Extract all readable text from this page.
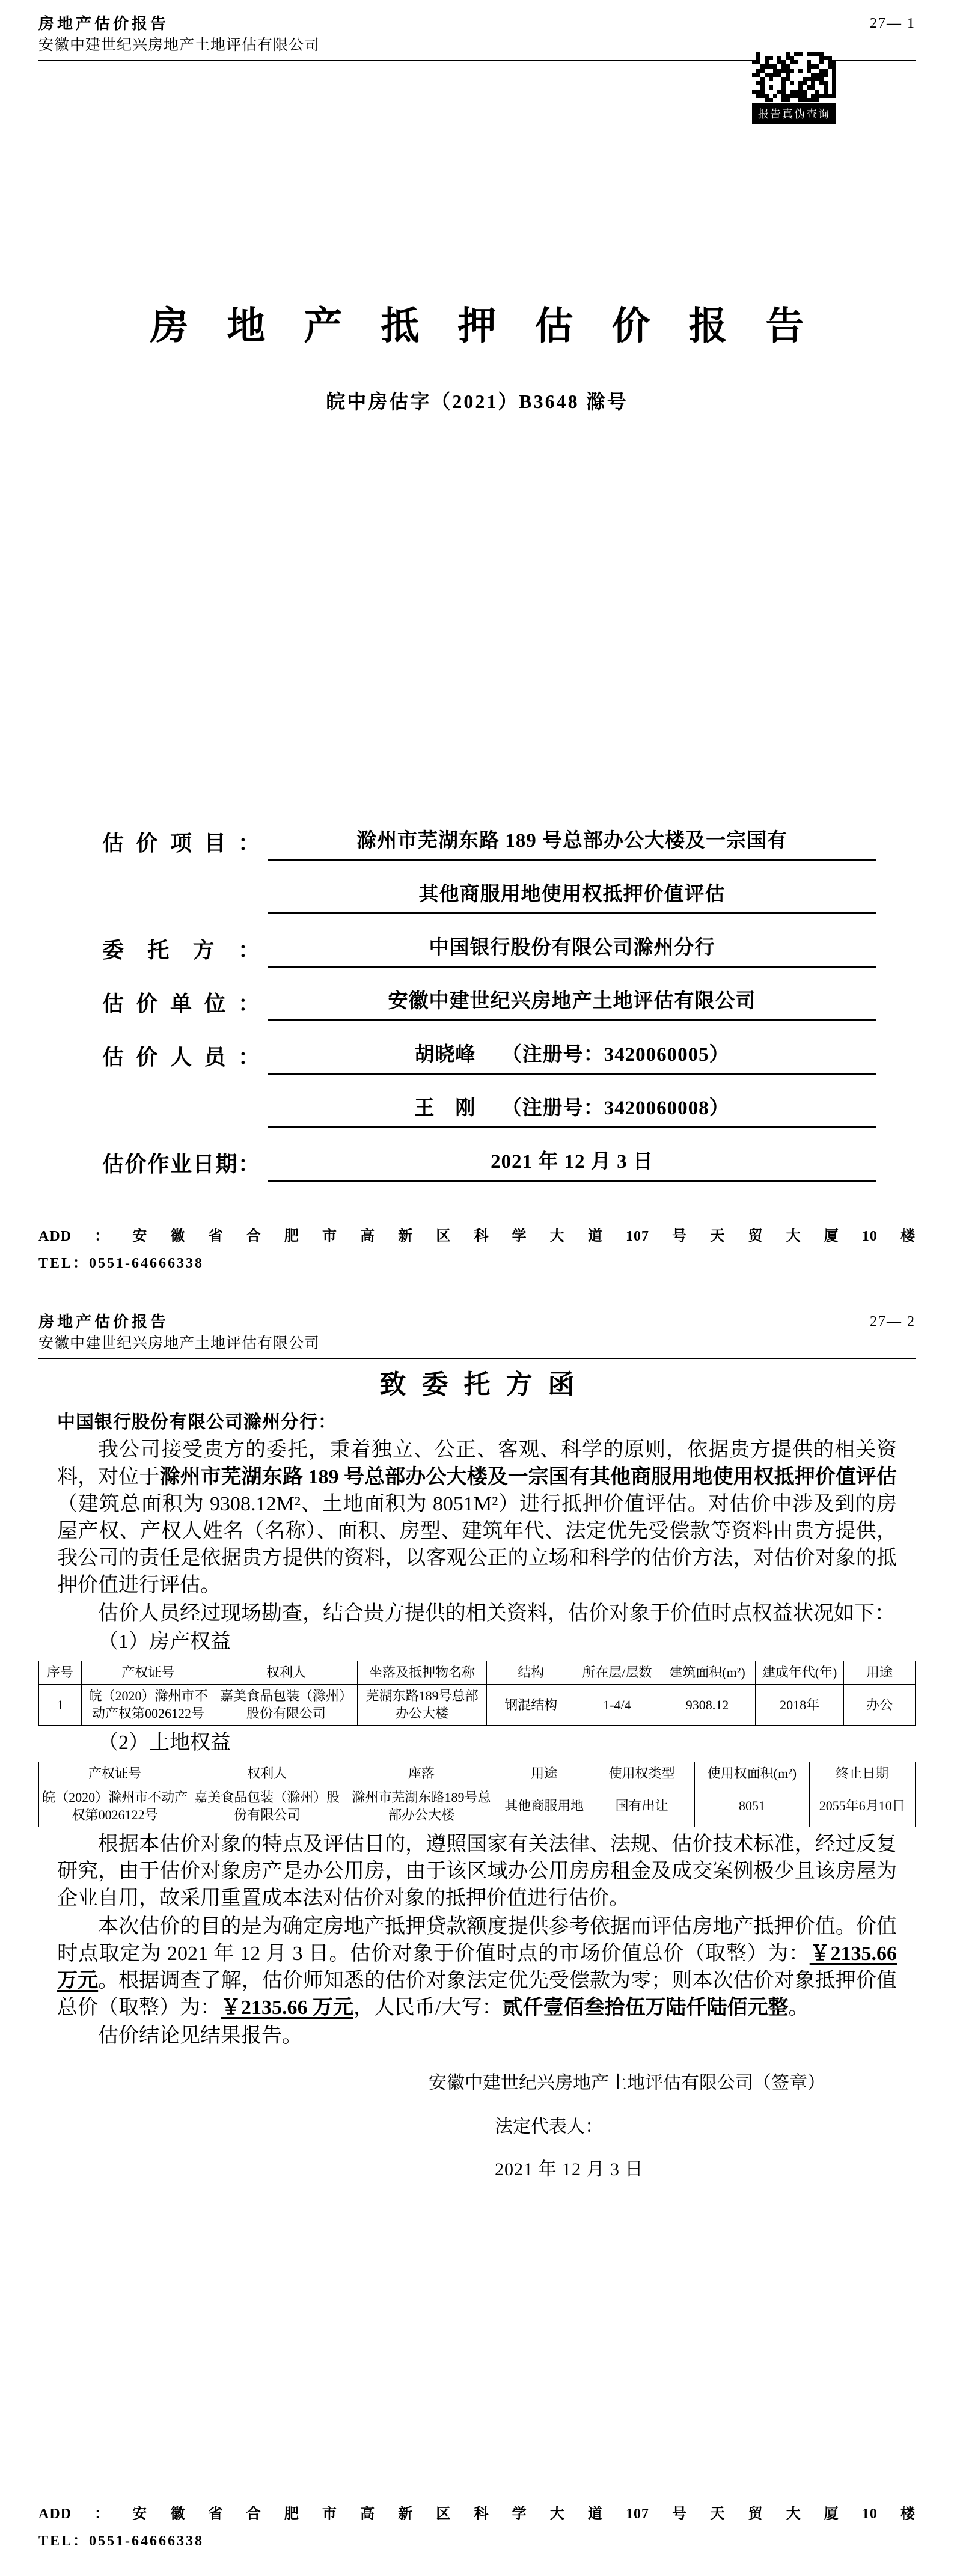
房地产估价报告
安徽中建世纪兴房地产土地评估有限公司
27— 1
报告真伪查询
房地产抵押估价报告
皖中房估字（2021）B3648 滁号
估价项目：	滁州市芜湖东路 189 号总部办公大楼及一宗国有
其他商服用地使用权抵押价值评估
委托方：	中国银行股份有限公司滁州分行
估价单位：	安徽中建世纪兴房地产土地评估有限公司
估价人员：	胡晓峰　 （注册号：3420060005）
王　刚　 （注册号：3420060008）
估价作业日期：	2021 年 12 月 3 日
ADD：安徽省合肥市高新区科学大道107号天贸大厦10楼
TEL：0551-64666338
房地产估价报告
安徽中建世纪兴房地产土地评估有限公司
27— 2
致委托方函
中国银行股份有限公司滁州分行：

我公司接受贵方的委托，秉着独立、公正、客观、科学的原则，依据贵方提供的相关资料，对位于滁州市芜湖东路 189 号总部办公大楼及一宗国有其他商服用地使用权抵押价值评估（建筑总面积为 9308.12M²、土地面积为 8051M²）进行抵押价值评估。对估价中涉及到的房屋产权、产权人姓名（名称）、面积、房型、建筑年代、法定优先受偿款等资料由贵方提供，我公司的责任是依据贵方提供的资料，以客观公正的立场和科学的估价方法，对估价对象的抵押价值进行评估。

估价人员经过现场勘查，结合贵方提供的相关资料，估价对象于价值时点权益状况如下：

（1）房产权益
序号	产权证号	权利人	坐落及抵押物名称	结构	所在层/层数	建筑面积(m²)	建成年代(年)	用途
1	皖（2020）滁州市不动产权第0026122号	嘉美食品包装（滁州）股份有限公司	芜湖东路189号总部办公大楼	钢混结构	1-4/4	9308.12	2018年	办公
（2）土地权益
产权证号	权利人	座落	用途	使用权类型	使用权面积(m²)	终止日期
皖（2020）滁州市不动产权第0026122号	嘉美食品包装（滁州）股份有限公司	滁州市芜湖东路189号总部办公大楼	其他商服用地	国有出让	8051	2055年6月10日

根据本估价对象的特点及评估目的，遵照国家有关法律、法规、估价技术标准，经过反复研究，由于估价对象房产是办公用房，由于该区域办公用房房租金及成交案例极少且该房屋为企业自用，故采用重置成本法对估价对象的抵押价值进行估价。

本次估价的目的是为确定房地产抵押贷款额度提供参考依据而评估房地产抵押价值。价值时点取定为 2021 年 12 月 3 日。估价对象于价值时点的市场价值总价（取整）为：￥2135.66 万元。根据调查了解，估价师知悉的估价对象法定优先受偿款为零；则本次估价对象抵押价值总价（取整）为：￥2135.66 万元，人民币/大写：贰仟壹佰叁拾伍万陆仟陆佰元整。

估价结论见结果报告。

安徽中建世纪兴房地产土地评估有限公司（签章）
法定代表人：
2021 年 12 月 3 日
ADD：安徽省合肥市高新区科学大道107号天贸大厦10楼
TEL：0551-64666338
